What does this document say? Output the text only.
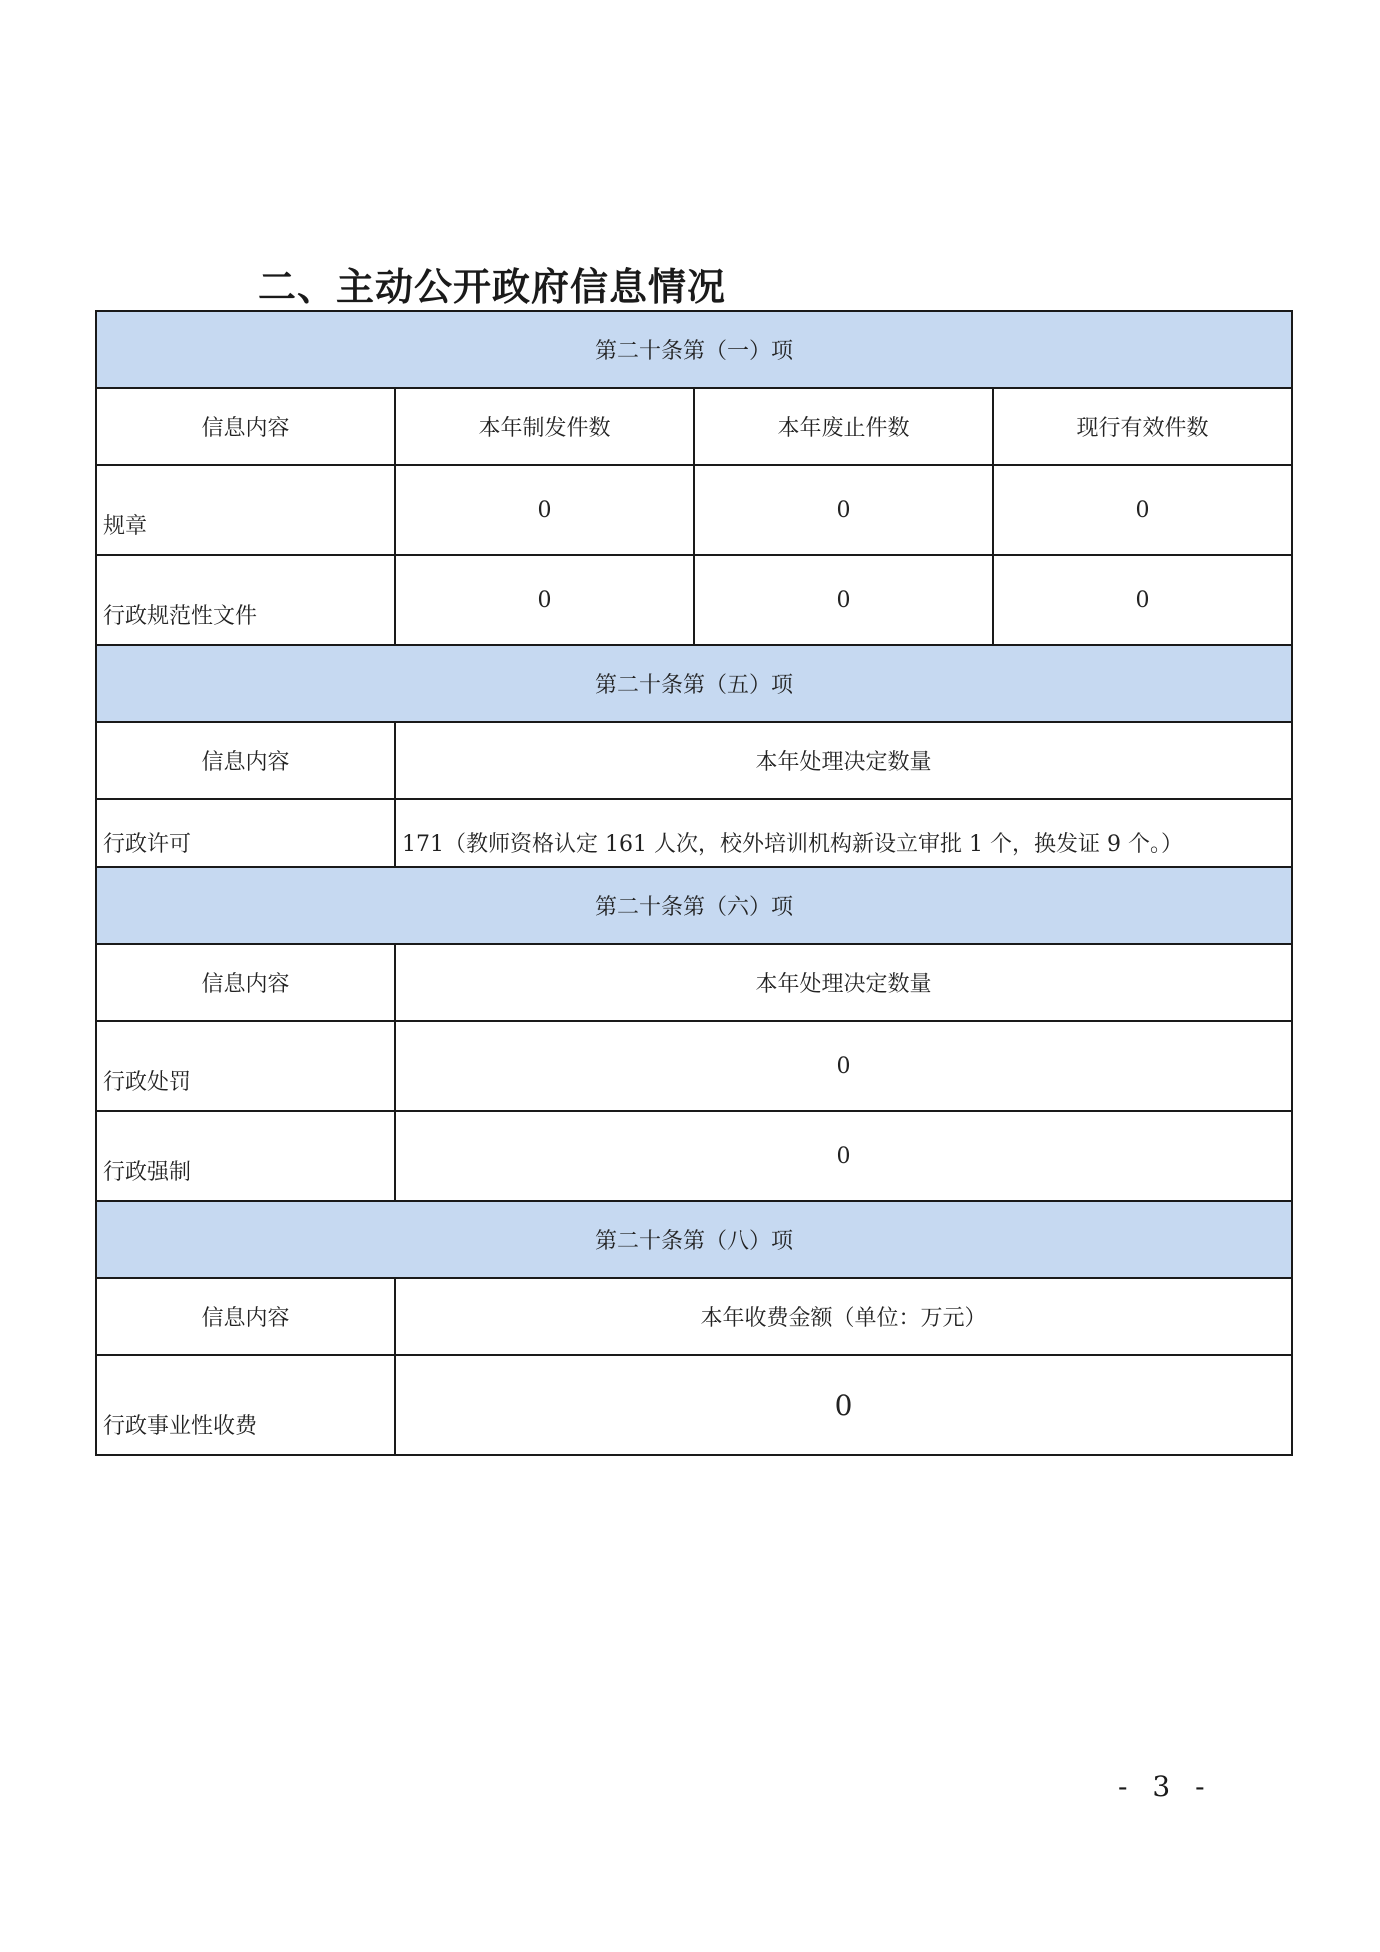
二、主动公开政府信息情况
第二十条第（一）项			
信息内容	本年制发件数	本年废止件数	现行有效件数
规章	0	0	0
行政规范性文件	0	0	0
第二十条第（五）项			
信息内容	本年处理决定数量		
行政许可	171（教师资格认定 161 人次，校外培训机构新设立审批 1 个，换发证 9 个。）		
第二十条第（六）项			
信息内容	本年处理决定数量		
行政处罚	0		
行政强制	0		
第二十条第（八）项			
信息内容	本年收费金额（单位：万元）		
行政事业性收费	0		
- 3 -
